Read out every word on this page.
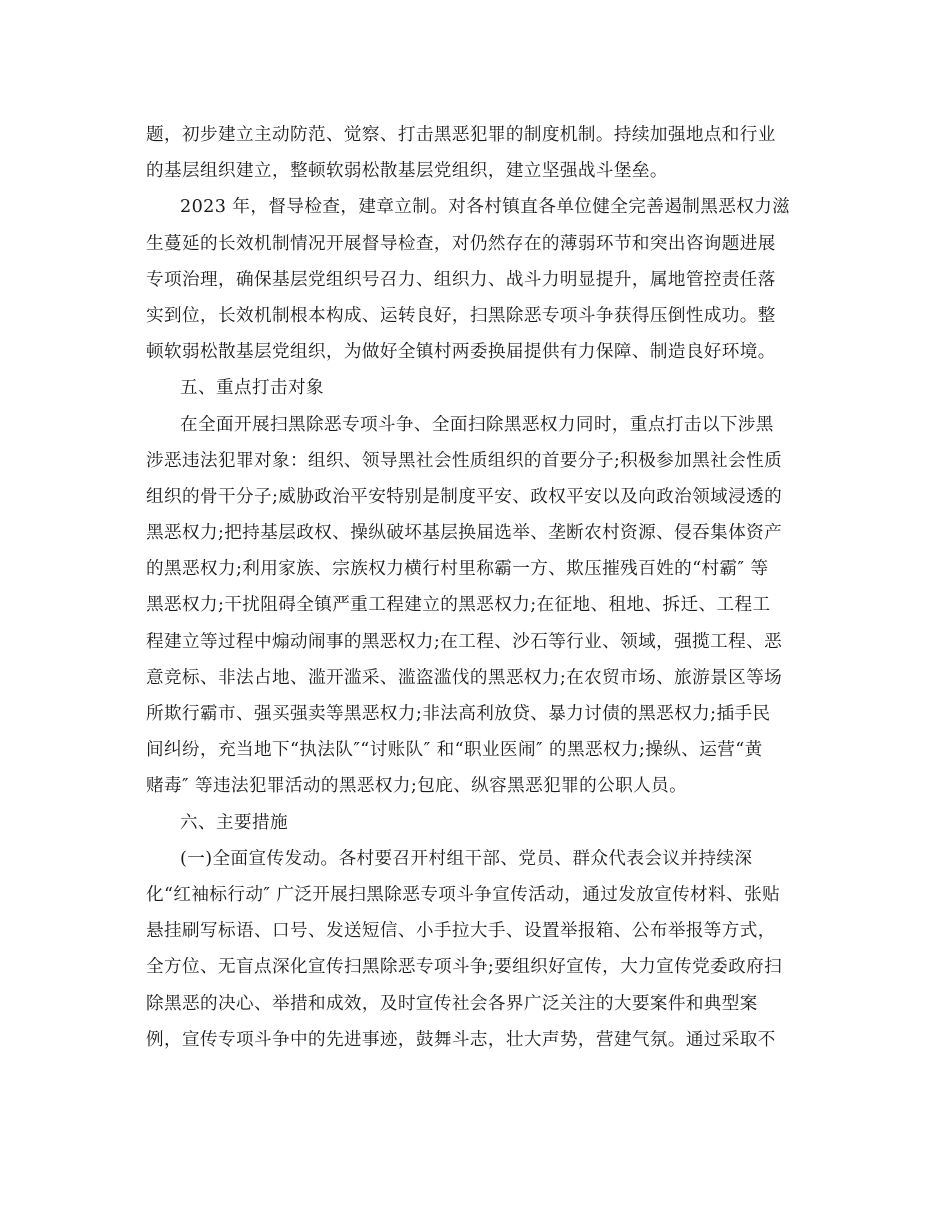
题，初步建立主动防范、觉察、打击黑恶犯罪的制度机制。持续加强地点和行业
的基层组织建立，整顿软弱松散基层党组织，建立坚强战斗堡垒。
2023 年，督导检查，建章立制。对各村镇直各单位健全完善遏制黑恶权力滋
生蔓延的长效机制情况开展督导检查，对仍然存在的薄弱环节和突出咨询题进展
专项治理，确保基层党组织号召力、组织力、战斗力明显提升，属地管控责任落
实到位，长效机制根本构成、运转良好，扫黑除恶专项斗争获得压倒性成功。整
顿软弱松散基层党组织，为做好全镇村两委换届提供有力保障、制造良好环境。
五、重点打击对象
在全面开展扫黑除恶专项斗争、全面扫除黑恶权力同时，重点打击以下涉黑
涉恶违法犯罪对象：组织、领导黑社会性质组织的首要分子;积极参加黑社会性质
组织的骨干分子;威胁政治平安特别是制度平安、政权平安以及向政治领域浸透的
黑恶权力;把持基层政权、操纵破坏基层换届选举、垄断农村资源、侵吞集体资产
的黑恶权力;利用家族、宗族权力横行村里称霸一方、欺压摧残百姓的“村霸″ 等
黑恶权力;干扰阻碍全镇严重工程建立的黑恶权力;在征地、租地、拆迁、工程工
程建立等过程中煽动闹事的黑恶权力;在工程、沙石等行业、领域，强揽工程、恶
意竞标、非法占地、滥开滥采、滥盗滥伐的黑恶权力;在农贸市场、旅游景区等场
所欺行霸市、强买强卖等黑恶权力;非法高利放贷、暴力讨债的黑恶权力;插手民
间纠纷，充当地下“执法队″“讨账队″ 和“职业医闹″ 的黑恶权力;操纵、运营“黄
赌毒″ 等违法犯罪活动的黑恶权力;包庇、纵容黑恶犯罪的公职人员。
六、主要措施
(一)全面宣传发动。各村要召开村组干部、党员、群众代表会议并持续深
化“红袖标行动″ 广泛开展扫黑除恶专项斗争宣传活动，通过发放宣传材料、张贴
悬挂刷写标语、口号、发送短信、小手拉大手、设置举报箱、公布举报等方式，
全方位、无盲点深化宣传扫黑除恶专项斗争;要组织好宣传，大力宣传党委政府扫
除黑恶的决心、举措和成效，及时宣传社会各界广泛关注的大要案件和典型案
例，宣传专项斗争中的先进事迹，鼓舞斗志，壮大声势，营建气氛。通过采取不
